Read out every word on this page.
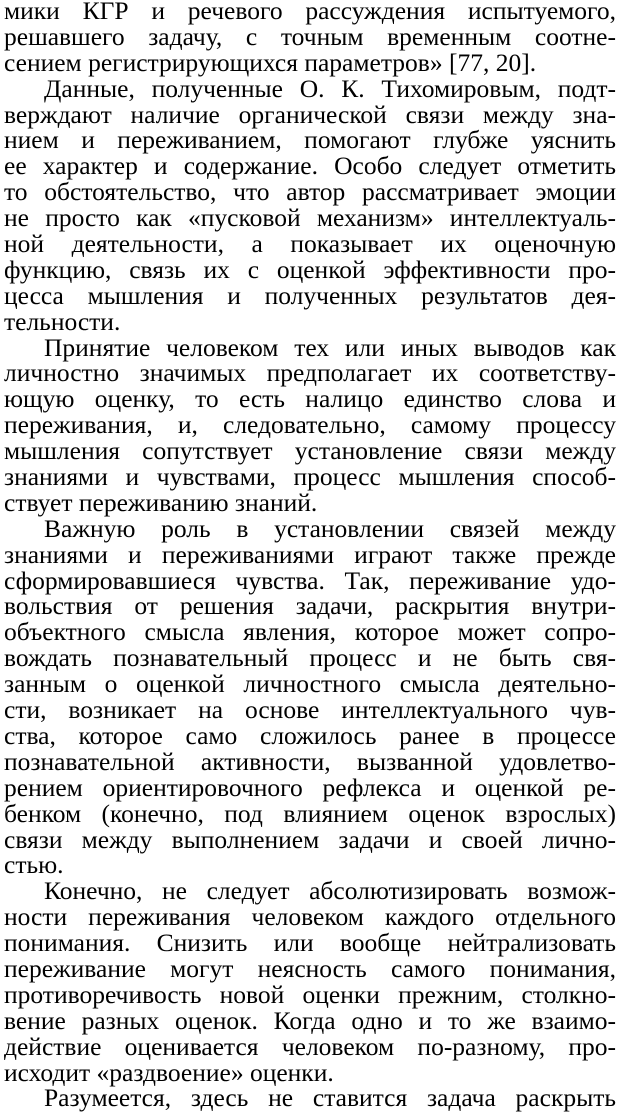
мики КГР и речевого рассуждения испытуемого,
решавшего задачу, с точным временным соотне-
сением регистрирующихся параметров» [77, 20].
Данные, полученные О. К. Тихомировым, подт-
верждают наличие органической связи между зна-
нием и переживанием, помогают глубже уяснить
ее характер и содержание. Особо следует отметить
то обстоятельство, что автор рассматривает эмоции
не просто как «пусковой механизм» интеллектуаль-
ной деятельности, а показывает их оценочную
функцию, связь их с оценкой эффективности про-
цесса мышления и полученных результатов дея-
тельности.
Принятие человеком тех или иных выводов как
личностно значимых предполагает их соответству-
ющую оценку, то есть налицо единство слова и
переживания, и, следовательно, самому процессу
мышления сопутствует установление связи между
знаниями и чувствами, процесс мышления способ-
ствует переживанию знаний.
Важную роль в установлении связей между
знаниями и переживаниями играют также прежде
сформировавшиеся чувства. Так, переживание удо-
вольствия от решения задачи, раскрытия внутри-
объектного смысла явления, которое может сопро-
вождать познавательный процесс и не быть свя-
занным о оценкой личностного смысла деятельно-
сти, возникает на основе интеллектуального чув-
ства, которое само сложилось ранее в процессе
познавательной активности, вызванной удовлетво-
рением ориентировочного рефлекса и оценкой ре-
бенком (конечно, под влиянием оценок взрослых)
связи между выполнением задачи и своей лично-
стью.
Конечно, не следует абсолютизировать возмож-
ности переживания человеком каждого отдельного
понимания. Снизить или вообще нейтрализовать
переживание могут неясность самого понимания,
противоречивость новой оценки прежним, столкно-
вение разных оценок. Когда одно и то же взаимо-
действие оценивается человеком по-разному, про-
исходит «раздвоение» оценки.
Разумеется, здесь не ставится задача раскрыть
